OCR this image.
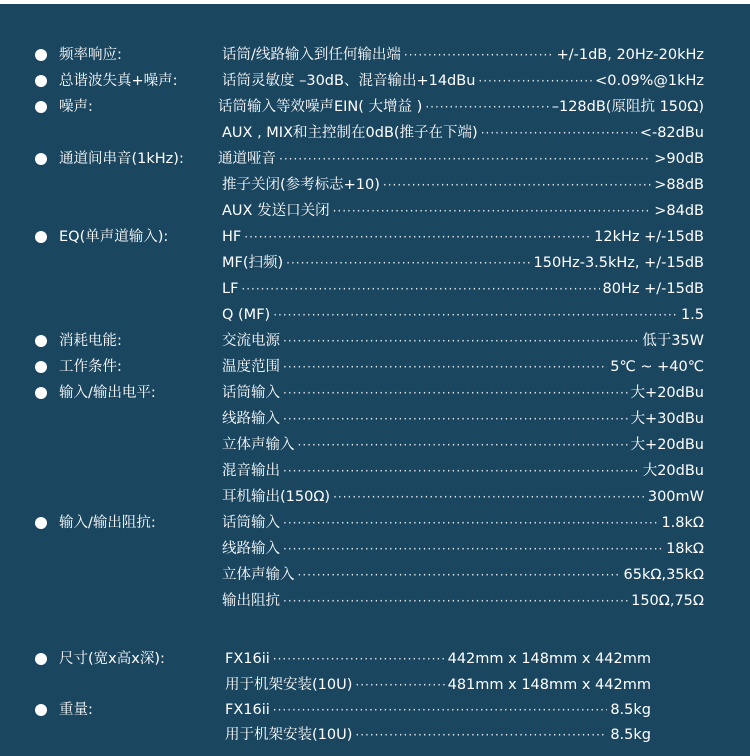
频率响应:	话筒/线路输入到任何输出端 ·····	+/-1dB, 20Hz-20kHz
总谐波失真+噪声:	话筒灵敏度 –30dB、混音输出+14dBu ·····	<0.09%@1kHz
噪声:	话筒输入等效噪声EIN( 大增益 ) ·····	–128dB(原阻抗 150Ω)
AUX , MIX和主控制在0dB(推子在下端) ·····	<-82dBu
通道间串音(1kHz): 通道哑音 ·····	>90dB
推子关闭(参考标志+10) ·····	>88dB
AUX 发送口关闭 ·····	>84dB
EQ(单声道输入):	HF ·····	12kHz +/-15dB
MF(扫频) ·····	150Hz-3.5kHz, +/-15dB
LF ·····	80Hz +/-15dB
Q (MF) ·····	1.5
消耗电能:	交流电源 ·····	低于35W
工作条件:	温度范围 ·····	5℃ ~ +40℃
输入/输出电平:	话筒输入 ·····	大+20dBu
线路输入 ·····	大+30dBu
立体声输入 ·····	大+20dBu
混音输出 ·····	大20dBu
耳机输出(150Ω) ·····	300mW
输入/输出阻抗:	话筒输入 ·····	1.8kΩ
线路输入 ·····	18kΩ
立体声输入 ·····	65kΩ,35kΩ
输出阻抗 ·····	150Ω,75Ω
尺寸(宽x高x深):	FX16ii ·····	442mm x 148mm x 442mm
用于机架安装(10U) ·····	481mm x 148mm x 442mm
重量:	FX16ii ·····	8.5kg
用于机架安装(10U) ·····	8.5kg
